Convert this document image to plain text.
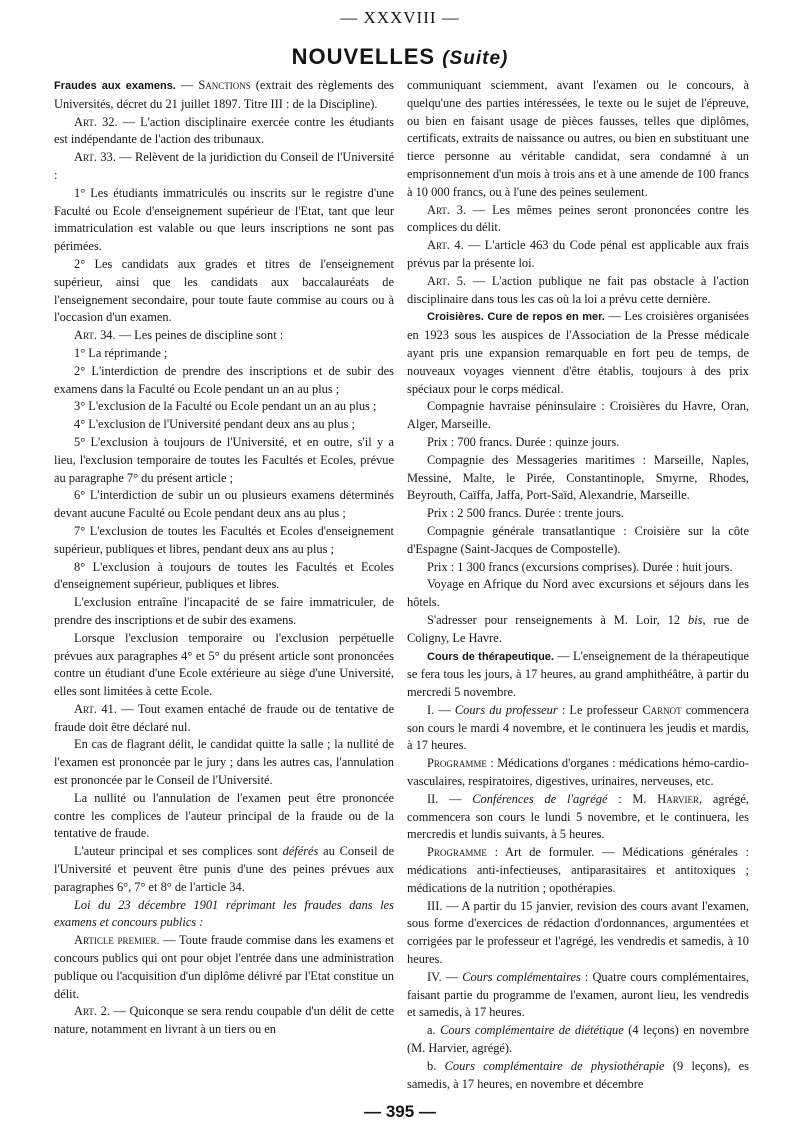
— XXXVIII —
NOUVELLES (Suite)

Fraudes aux examens. — Sanctions (extrait des règlements des Universités, décret du 21 juillet 1897. Titre III : de la Discipline).

Art. 32. — L'action disciplinaire exercée contre les étudiants est indépendante de l'action des tribunaux.

Art. 33. — Relèvent de la juridiction du Conseil de l'Université :

1° Les étudiants immatriculés ou inscrits sur le registre d'une Faculté ou Ecole d'enseignement supérieur de l'Etat, tant que leur immatriculation est valable ou que leurs inscriptions ne sont pas périmées.

2° Les candidats aux grades et titres de l'enseignement supérieur, ainsi que les candidats aux baccalauréats de l'enseignement secondaire, pour toute faute commise au cours ou à l'occasion d'un examen.

Art. 34. — Les peines de discipline sont :

1° La réprimande ;

2° L'interdiction de prendre des inscriptions et de subir des examens dans la Faculté ou Ecole pendant un an au plus ;

3° L'exclusion de la Faculté ou Ecole pendant un an au plus ;

4° L'exclusion de l'Université pendant deux ans au plus ;

5° L'exclusion à toujours de l'Université, et en outre, s'il y a lieu, l'exclusion temporaire de toutes les Facultés et Ecoles, prévue au paragraphe 7° du présent article ;

6° L'interdiction de subir un ou plusieurs examens déterminés devant aucune Faculté ou Ecole pendant deux ans au plus ;

7° L'exclusion de toutes les Facultés et Ecoles d'enseignement supérieur, publiques et libres, pendant deux ans au plus ;

8° L'exclusion à toujours de toutes les Facultés et Ecoles d'enseignement supérieur, publiques et libres.

L'exclusion entraîne l'incapacité de se faire immatriculer, de prendre des inscriptions et de subir des examens.

Lorsque l'exclusion temporaire ou l'exclusion perpétuelle prévues aux paragraphes 4° et 5° du présent article sont prononcées contre un étudiant d'une Ecole extérieure au siège d'une Université, elles sont limitées à cette Ecole.

Art. 41. — Tout examen entaché de fraude ou de tentative de fraude doit être déclaré nul.

En cas de flagrant délit, le candidat quitte la salle ; la nullité de l'examen est prononcée par le jury ; dans les autres cas, l'annulation est prononcée par le Conseil de l'Université.

La nullité ou l'annulation de l'examen peut être prononcée contre les complices de l'auteur principal de la fraude ou de la tentative de fraude.

L'auteur principal et ses complices sont déférés au Conseil de l'Université et peuvent être punis d'une des peines prévues aux paragraphes 6°, 7° et 8° de l'article 34.

Loi du 23 décembre 1901 réprimant les fraudes dans les examens et concours publics :

Article premier. — Toute fraude commise dans les examens et concours publics qui ont pour objet l'entrée dans une administration publique ou l'acquisition d'un diplôme délivré par l'Etat constitue un délit.

Art. 2. — Quiconque se sera rendu coupable d'un délit de cette nature, notamment en livrant à un tiers ou en

communiquant sciemment, avant l'examen ou le concours, à quelqu'une des parties intéressées, le texte ou le sujet de l'épreuve, ou bien en faisant usage de pièces fausses, telles que diplômes, certificats, extraits de naissance ou autres, ou bien en substituant une tierce personne au véritable candidat, sera condamné à un emprisonnement d'un mois à trois ans et à une amende de 100 francs à 10 000 francs, ou à l'une des peines seulement.

Art. 3. — Les mêmes peines seront prononcées contre les complices du délit.

Art. 4. — L'article 463 du Code pénal est applicable aux frais prévus par la présente loi.

Art. 5. — L'action publique ne fait pas obstacle à l'action disciplinaire dans tous les cas où la loi a prévu cette dernière.

Croisières. Cure de repos en mer. — Les croisières organisées en 1923 sous les auspices de l'Association de la Presse médicale ayant pris une expansion remarquable en fort peu de temps, de nouveaux voyages viennent d'être établis, toujours à des prix spéciaux pour le corps médical.

Compagnie havraise péninsulaire : Croisières du Havre, Oran, Alger, Marseille.

Prix : 700 francs. Durée : quinze jours.

Compagnie des Messageries maritimes : Marseille, Naples, Messine, Malte, le Pirée, Constantinople, Smyrne, Rhodes, Beyrouth, Caïffa, Jaffa, Port-Saïd, Alexandrie, Marseille.

Prix : 2 500 francs. Durée : trente jours.

Compagnie générale transatlantique : Croisière sur la côte d'Espagne (Saint-Jacques de Compostelle).

Prix : 1 300 francs (excursions comprises). Durée : huit jours.

Voyage en Afrique du Nord avec excursions et séjours dans les hôtels.

S'adresser pour renseignements à M. Loir, 12 bis, rue de Coligny, Le Havre.

Cours de thérapeutique. — L'enseignement de la thérapeutique se fera tous les jours, à 17 heures, au grand amphithéâtre, à partir du mercredi 5 novembre.

I. — Cours du professeur : Le professeur Carnot commencera son cours le mardi 4 novembre, et le continuera les jeudis et mardis, à 17 heures.

Programme : Médications d'organes : médications hémo-cardio-vasculaires, respiratoires, digestives, urinaires, nerveuses, etc.

II. — Conférences de l'agrégé : M. Harvier, agrégé, commencera son cours le lundi 5 novembre, et le continuera, les mercredis et lundis suivants, à 5 heures.

Programme : Art de formuler. — Médications générales : médications anti-infectieuses, antiparasitaires et antitoxiques ; médications de la nutrition ; opothérapies.

III. — A partir du 15 janvier, revision des cours avant l'examen, sous forme d'exercices de rédaction d'ordonnances, argumentées et corrigées par le professeur et l'agrégé, les vendredis et samedis, à 10 heures.

IV. — Cours complémentaires : Quatre cours complémentaires, faisant partie du programme de l'examen, auront lieu, les vendredis et samedis, à 17 heures.

a. Cours complémentaire de diététique (4 leçons) en novembre (M. Harvier, agrégé).

b. Cours complémentaire de physiothérapie (9 leçons), es samedis, à 17 heures, en novembre et décembre

— 395 —
